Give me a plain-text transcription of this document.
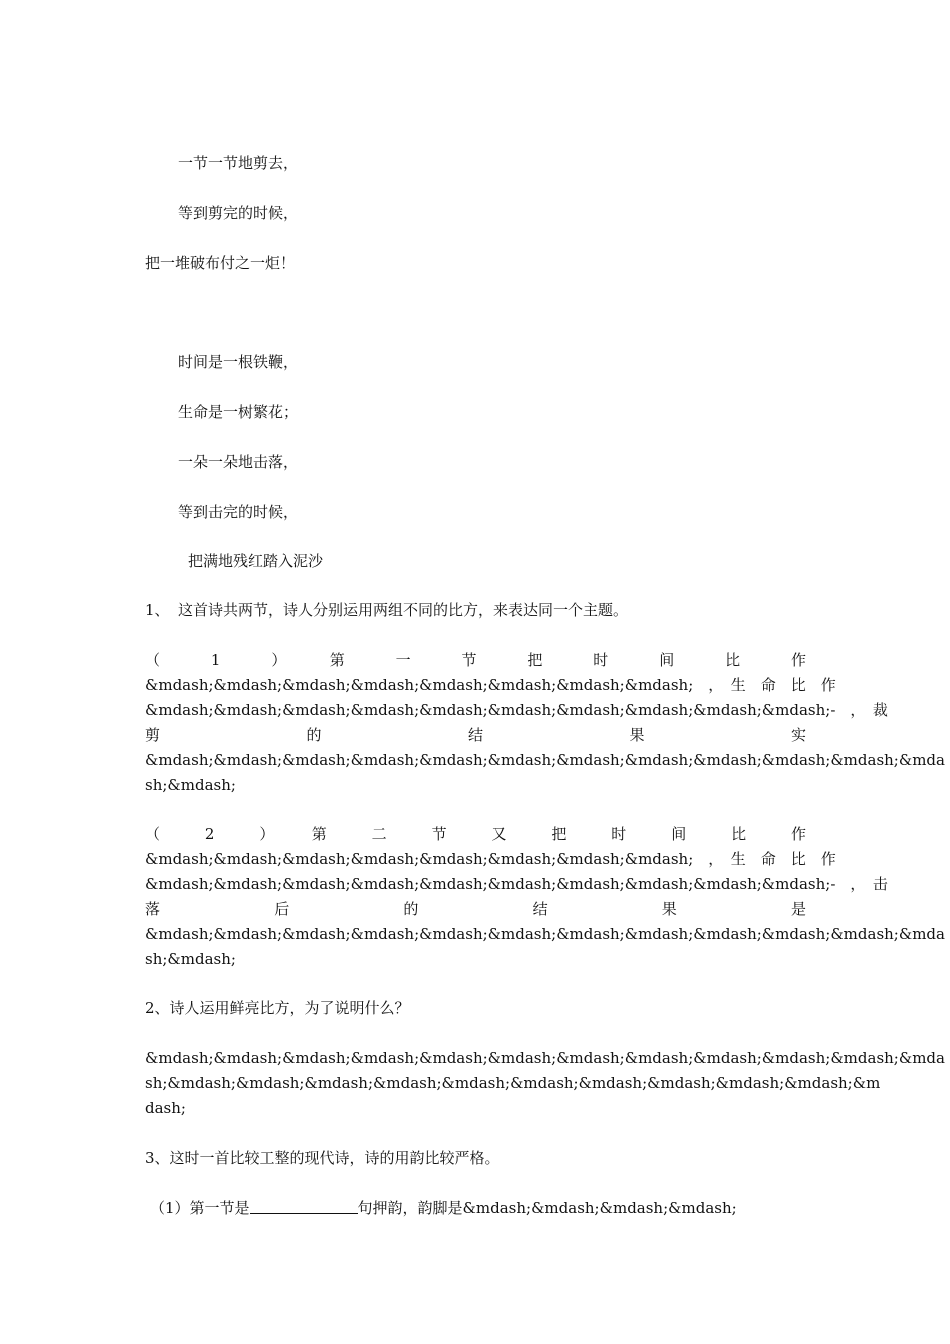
一节一节地剪去，
等到剪完的时候，
把一堆破布付之一炬！
时间是一根铁鞭，
生命是一树繁花；
一朵一朵地击落，
等到击完的时候，
把满地残红踏入泥沙
1、 这首诗共两节，诗人分别运用两组不同的比方，来表达同一个主题。
（　1　）　第　一　节　把　时　间　比　作
&mdash;&mdash;&mdash;&mdash;&mdash;&mdash;&mdash;&mdash;　，　生　命　比　作
&mdash;&mdash;&mdash;&mdash;&mdash;&mdash;&mdash;&mdash;&mdash;&mdash;-　，　裁
剪　　　　　的　　　　　结　　　　　果　　　　　实
&mdash;&mdash;&mdash;&mdash;&mdash;&mdash;&mdash;&mdash;&mdash;&mdash;&mdash;&mda
sh;&mdash;
（　2　）　第　二　节　又　把　时　间　比　作
&mdash;&mdash;&mdash;&mdash;&mdash;&mdash;&mdash;&mdash;　，　生　命　比　作
&mdash;&mdash;&mdash;&mdash;&mdash;&mdash;&mdash;&mdash;&mdash;&mdash;-　，　击
落　　　　后　　　　的　　　　结　　　　果　　　　是
&mdash;&mdash;&mdash;&mdash;&mdash;&mdash;&mdash;&mdash;&mdash;&mdash;&mdash;&mda
sh;&mdash;
2、诗人运用鲜亮比方，为了说明什么？
&mdash;&mdash;&mdash;&mdash;&mdash;&mdash;&mdash;&mdash;&mdash;&mdash;&mdash;&mda
sh;&mdash;&mdash;&mdash;&mdash;&mdash;&mdash;&mdash;&mdash;&mdash;&mdash;&m
dash;
3、这时一首比较工整的现代诗，诗的用韵比较严格。
（1）第一节是	句押韵，韵脚是&mdash;&mdash;&mdash;&mdash;
